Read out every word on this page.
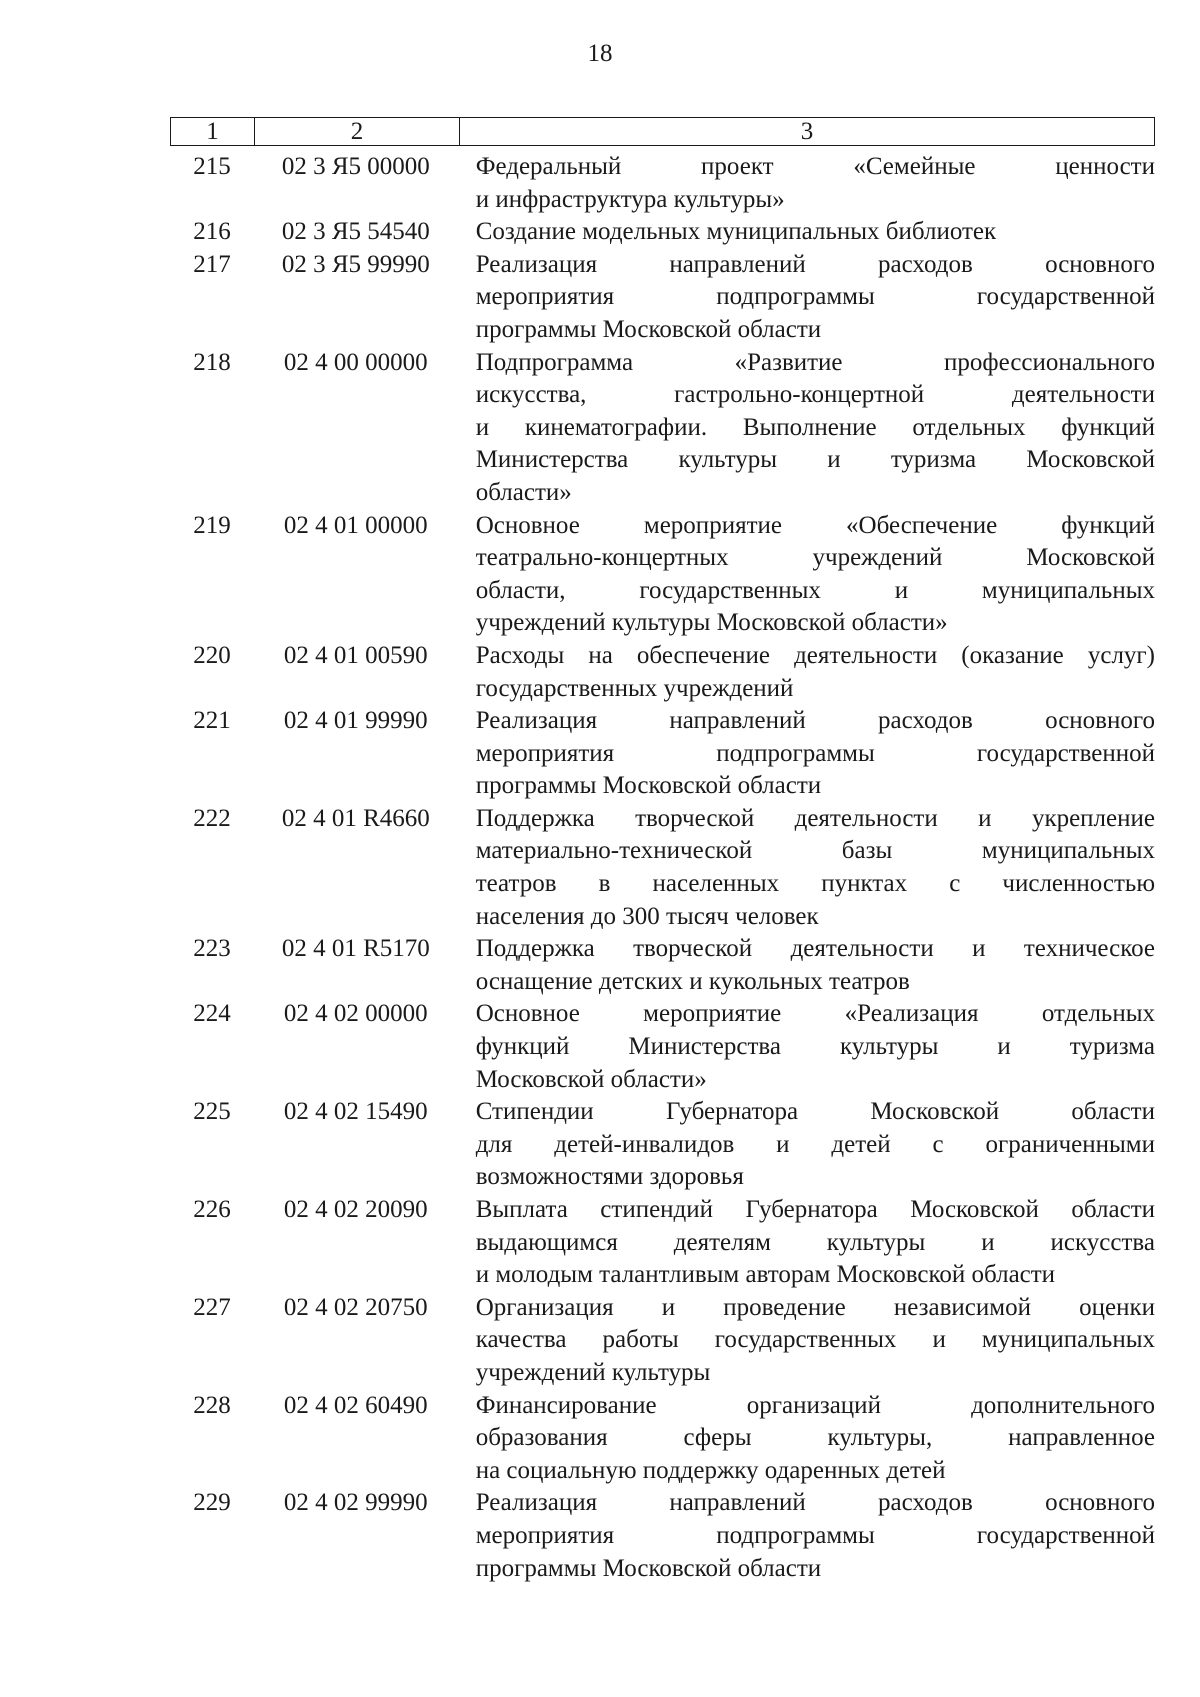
18
1	2	3
215	02 3 Я5 00000	Федеральный проект «Семейные ценности
и инфраструктура культуры»
216	02 3 Я5 54540	Создание модельных муниципальных библиотек
217	02 3 Я5 99990	Реализация направлений расходов основного
мероприятия подпрограммы государственной
программы Московской области
218	02 4 00 00000	Подпрограмма «Развитие профессионального
искусства, гастрольно-концертной деятельности
и кинематографии. Выполнение отдельных функций
Министерства культуры и туризма Московской
области»
219	02 4 01 00000	Основное мероприятие «Обеспечение функций
театрально-концертных учреждений Московской
области, государственных и муниципальных
учреждений культуры Московской области»
220	02 4 01 00590	Расходы на обеспечение деятельности (оказание услуг)
государственных учреждений
221	02 4 01 99990	Реализация направлений расходов основного
мероприятия подпрограммы государственной
программы Московской области
222	02 4 01 R4660	Поддержка творческой деятельности и укрепление
материально-технической базы муниципальных
театров в населенных пунктах с численностью
населения до 300 тысяч человек
223	02 4 01 R5170	Поддержка творческой деятельности и техническое
оснащение детских и кукольных театров
224	02 4 02 00000	Основное мероприятие «Реализация отдельных
функций Министерства культуры и туризма
Московской области»
225	02 4 02 15490	Стипендии Губернатора Московской области
для детей-инвалидов и детей с ограниченными
возможностями здоровья
226	02 4 02 20090	Выплата стипендий Губернатора Московской области
выдающимся деятелям культуры и искусства
и молодым талантливым авторам Московской области
227	02 4 02 20750	Организация и проведение независимой оценки
качества работы государственных и муниципальных
учреждений культуры
228	02 4 02 60490	Финансирование организаций дополнительного
образования сферы культуры, направленное
на социальную поддержку одаренных детей
229	02 4 02 99990	Реализация направлений расходов основного
мероприятия подпрограммы государственной
программы Московской области
